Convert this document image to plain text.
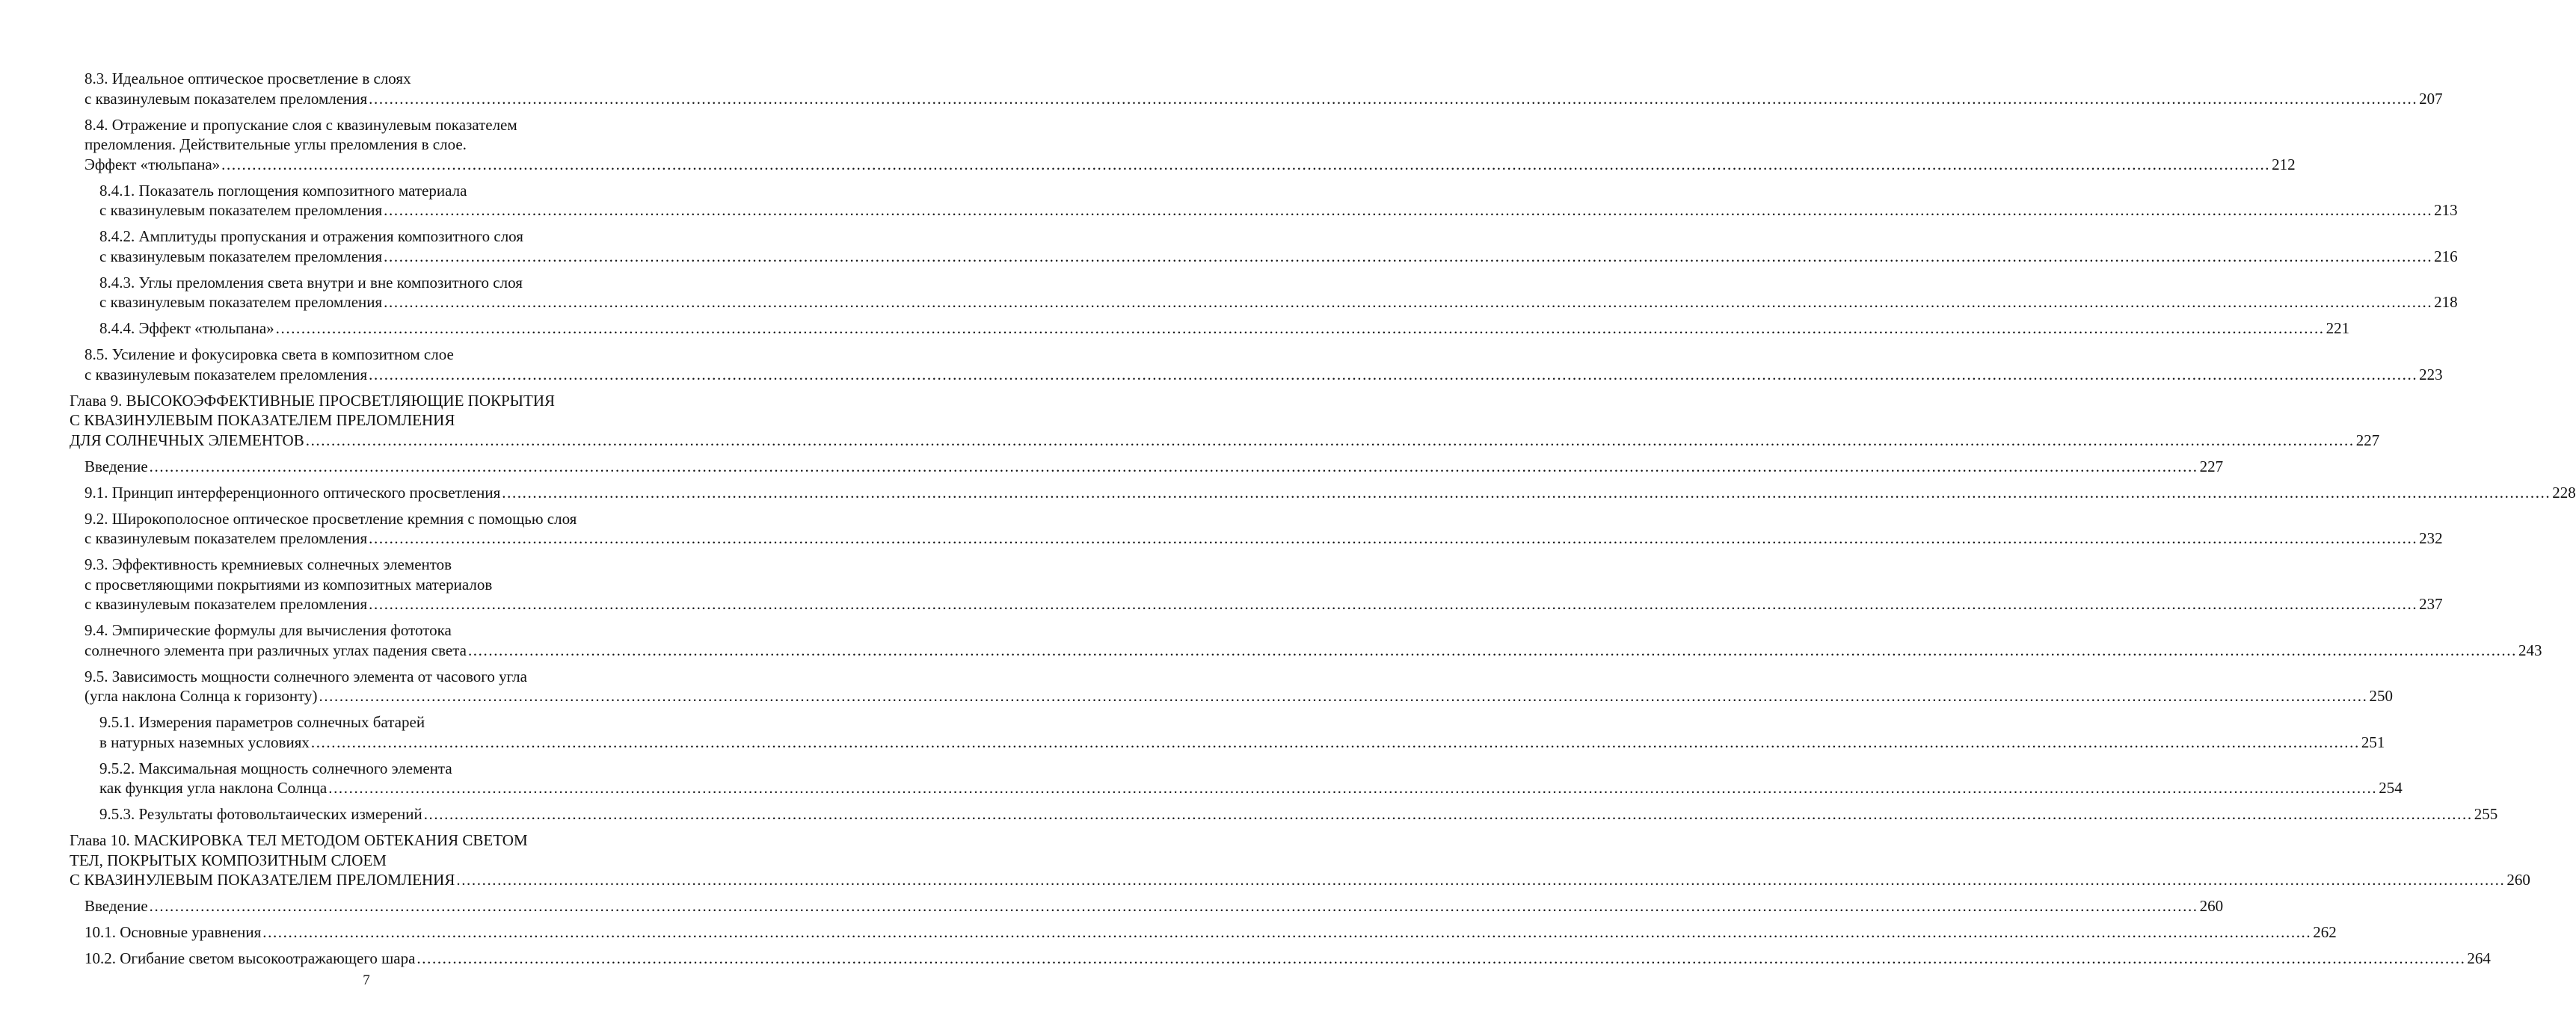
8.3. Идеальное оптическое просветление в слоях
с квазинулевым показателем преломления ................................................................................................................................................................................................................................................................................................................................................................................................................ 207
8.4. Отражение и пропускание слоя с квазинулевым показателем
преломления. Действительные углы преломления в слое.
Эффект «тюльпана» ................................................................................................................................................................................................................................................................................................................................................................................................................ 212
8.4.1. Показатель поглощения композитного материала
с квазинулевым показателем преломления ................................................................................................................................................................................................................................................................................................................................................................................................................ 213
8.4.2. Амплитуды пропускания и отражения композитного слоя
с квазинулевым показателем преломления ................................................................................................................................................................................................................................................................................................................................................................................................................ 216
8.4.3. Углы преломления света внутри и вне композитного слоя
с квазинулевым показателем преломления ................................................................................................................................................................................................................................................................................................................................................................................................................ 218
8.4.4. Эффект «тюльпана» ................................................................................................................................................................................................................................................................................................................................................................................................................ 221
8.5. Усиление и фокусировка света в композитном слое
с квазинулевым показателем преломления ................................................................................................................................................................................................................................................................................................................................................................................................................ 223
Глава 9. ВЫСОКОЭФФЕКТИВНЫЕ ПРОСВЕТЛЯЮЩИЕ ПОКРЫТИЯ
С КВАЗИНУЛЕВЫМ ПОКАЗАТЕЛЕМ ПРЕЛОМЛЕНИЯ
ДЛЯ СОЛНЕЧНЫХ ЭЛЕМЕНТОВ ................................................................................................................................................................................................................................................................................................................................................................................................................ 227
Введение ................................................................................................................................................................................................................................................................................................................................................................................................................ 227
9.1. Принцип интерференционного оптического просветления ................................................................................................................................................................................................................................................................................................................................................................................................................ 228
9.2. Широкополосное оптическое просветление кремния с помощью слоя
с квазинулевым показателем преломления ................................................................................................................................................................................................................................................................................................................................................................................................................ 232
9.3. Эффективность кремниевых солнечных элементов
с просветляющими покрытиями из композитных материалов
с квазинулевым показателем преломления ................................................................................................................................................................................................................................................................................................................................................................................................................ 237
9.4. Эмпирические формулы для вычисления фототока
солнечного элемента при различных углах падения света ................................................................................................................................................................................................................................................................................................................................................................................................................ 243
9.5. Зависимость мощности солнечного элемента от часового угла
(угла наклона Солнца к горизонту) ................................................................................................................................................................................................................................................................................................................................................................................................................ 250
9.5.1. Измерения параметров солнечных батарей
в натурных наземных условиях ................................................................................................................................................................................................................................................................................................................................................................................................................ 251
9.5.2. Максимальная мощность солнечного элемента
как функция угла наклона Солнца ................................................................................................................................................................................................................................................................................................................................................................................................................ 254
9.5.3. Результаты фотовольтаических измерений ................................................................................................................................................................................................................................................................................................................................................................................................................ 255
Глава 10. МАСКИРОВКА ТЕЛ МЕТОДОМ ОБТЕКАНИЯ СВЕТОМ
ТЕЛ, ПОКРЫТЫХ КОМПОЗИТНЫМ СЛОЕМ
С КВАЗИНУЛЕВЫМ ПОКАЗАТЕЛЕМ ПРЕЛОМЛЕНИЯ ................................................................................................................................................................................................................................................................................................................................................................................................................ 260
Введение ................................................................................................................................................................................................................................................................................................................................................................................................................ 260
10.1. Основные уравнения ................................................................................................................................................................................................................................................................................................................................................................................................................ 262
10.2. Огибание светом высокоотражающего шара ................................................................................................................................................................................................................................................................................................................................................................................................................ 264
7
